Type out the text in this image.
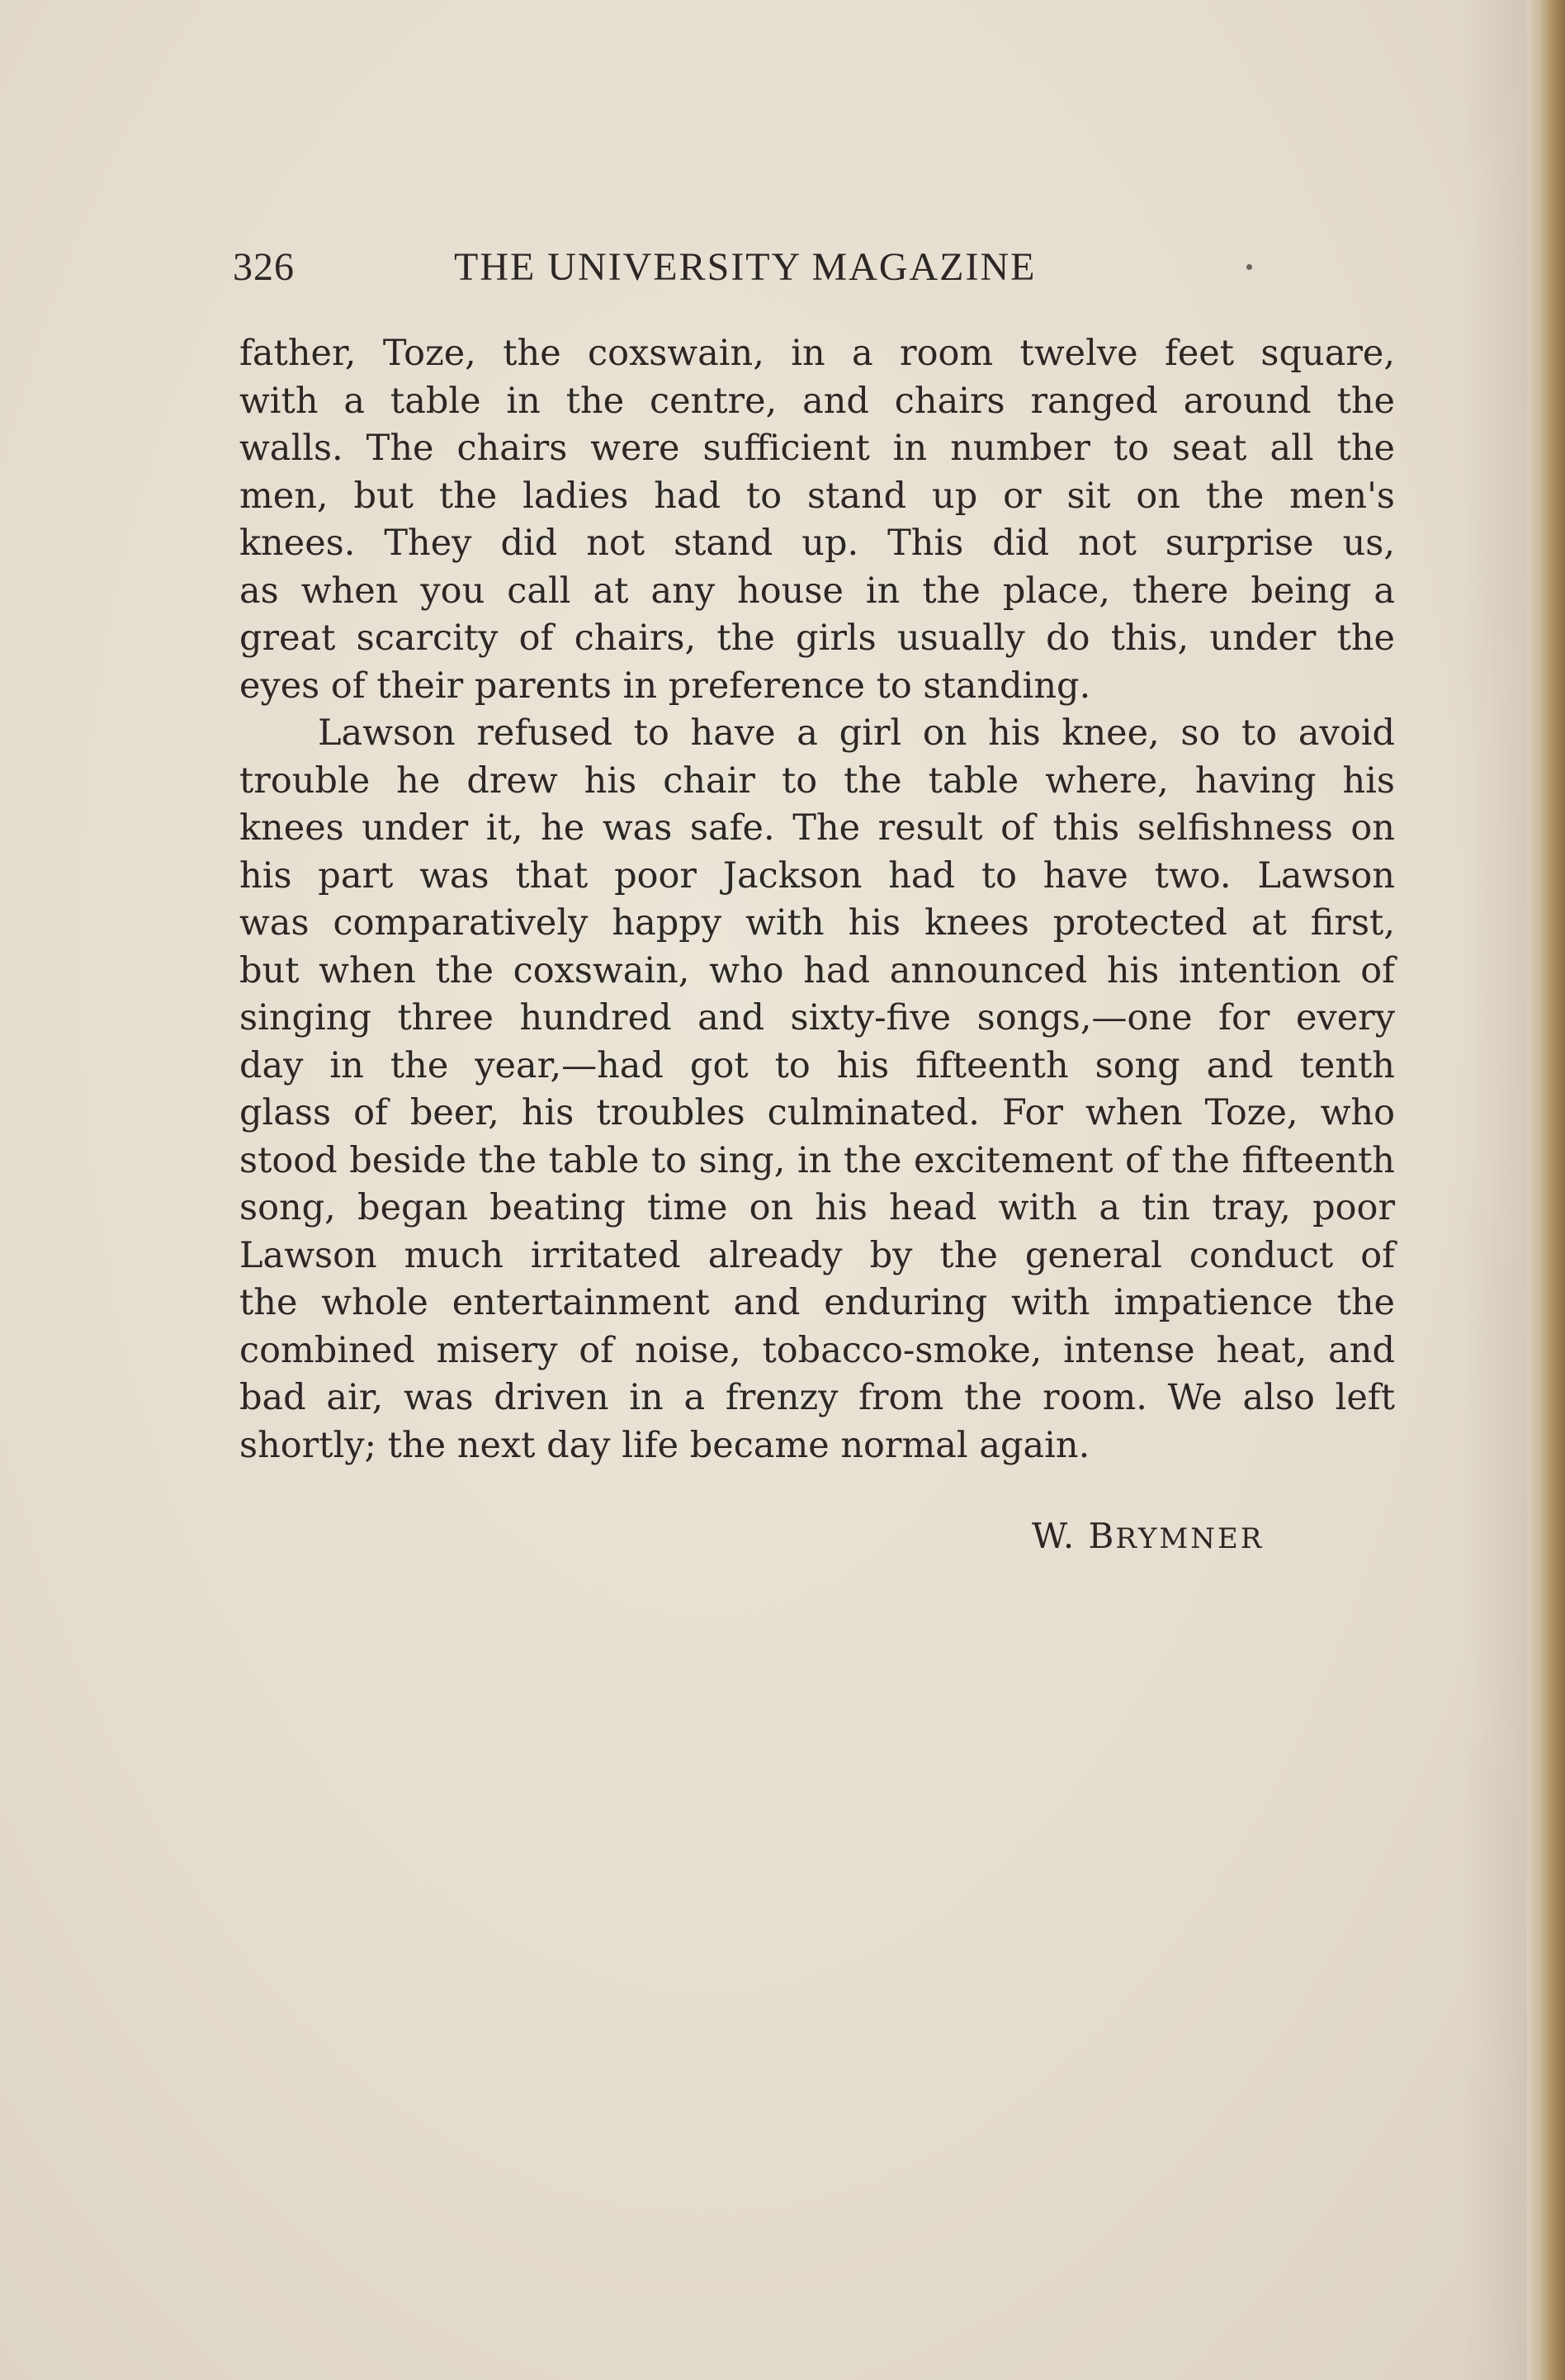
326	THE UNIVERSITY MAGAZINE
father, Toze, the coxswain, in a room twelve feet square,
with a table in the centre, and chairs ranged around the
walls. The chairs were sufficient in number to seat all the
men, but the ladies had to stand up or sit on the men's
knees. They did not stand up. This did not surprise us,
as when you call at any house in the place, there being a
great scarcity of chairs, the girls usually do this, under the
eyes of their parents in preference to standing.
Lawson refused to have a girl on his knee, so to avoid
trouble he drew his chair to the table where, having his
knees under it, he was safe. The result of this selfishness on
his part was that poor Jackson had to have two. Lawson
was comparatively happy with his knees protected at first,
but when the coxswain, who had announced his intention of
singing three hundred and sixty-five songs,—one for every
day in the year,—had got to his fifteenth song and tenth
glass of beer, his troubles culminated. For when Toze, who
stood beside the table to sing, in the excitement of the fifteenth
song, began beating time on his head with a tin tray, poor
Lawson much irritated already by the general conduct of
the whole entertainment and enduring with impatience the
combined misery of noise, tobacco-smoke, intense heat, and
bad air, was driven in a frenzy from the room. We also left
shortly; the next day life became normal again.
W. BRYMNER
